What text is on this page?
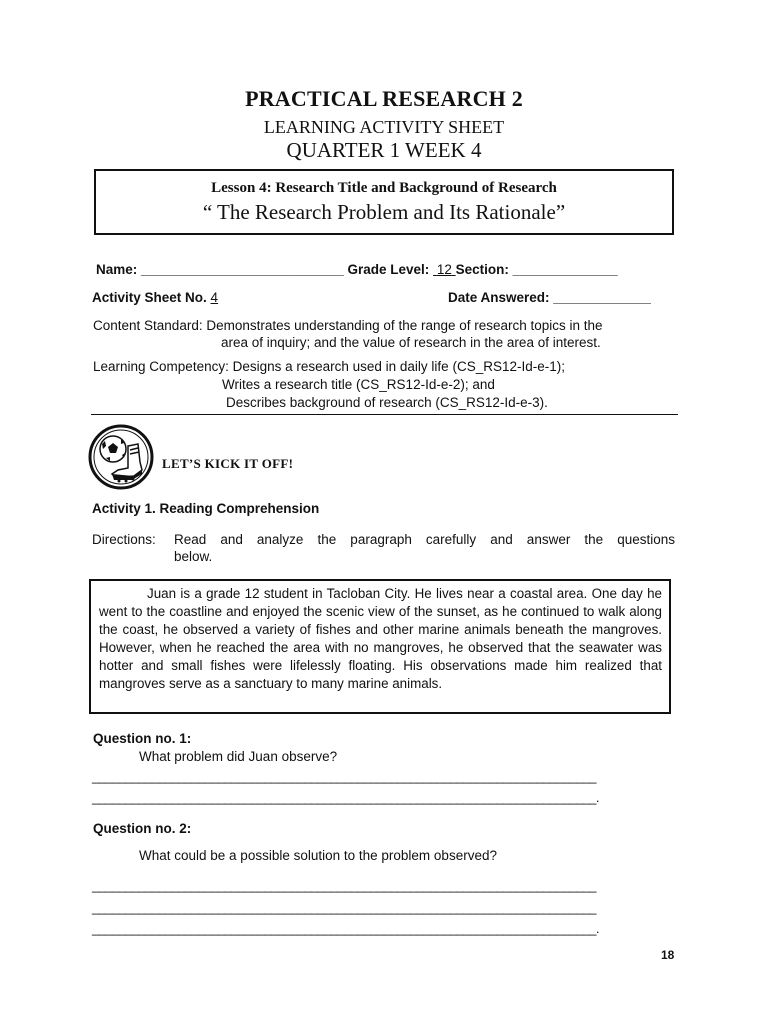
PRACTICAL RESEARCH 2
LEARNING ACTIVITY SHEET
QUARTER 1 WEEK 4
Lesson 4: Research Title and Background of Research
“ The Research Problem and Its Rationale”
Name: ___________________________ Grade Level: 12 Section: ______________
Activity Sheet No. 4	Date Answered: _____________
Content Standard: Demonstrates understanding of the range of research topics in the
area of inquiry; and the value of research in the area of interest.
Learning Competency: Designs a research used in daily life (CS_RS12-Id-e-1);
Writes a research title (CS_RS12-Id-e-2); and
Describes background of research (CS_RS12-Id-e-3).
LET’S KICK IT OFF!
Activity 1. Reading Comprehension
Directions: Read and analyze the paragraph carefully and answer the questions
below.
Juan is a grade 12 student in Tacloban City. He lives near a coastal area. One day he went to the coastline and enjoyed the scenic view of the sunset, as he continued to walk along the coast, he observed a variety of fishes and other marine animals beneath the mangroves. However, when he reached the area with no mangroves, he observed that the seawater was hotter and small fishes were lifelessly floating. His observations made him realized that mangroves serve as a sanctuary to many marine animals.
Question no. 1:
What problem did Juan observe?
____________________________________________________________________________
____________________________________________________________________________.
Question no. 2:
What could be a possible solution to the problem observed?
____________________________________________________________________________
____________________________________________________________________________
____________________________________________________________________________.
18
